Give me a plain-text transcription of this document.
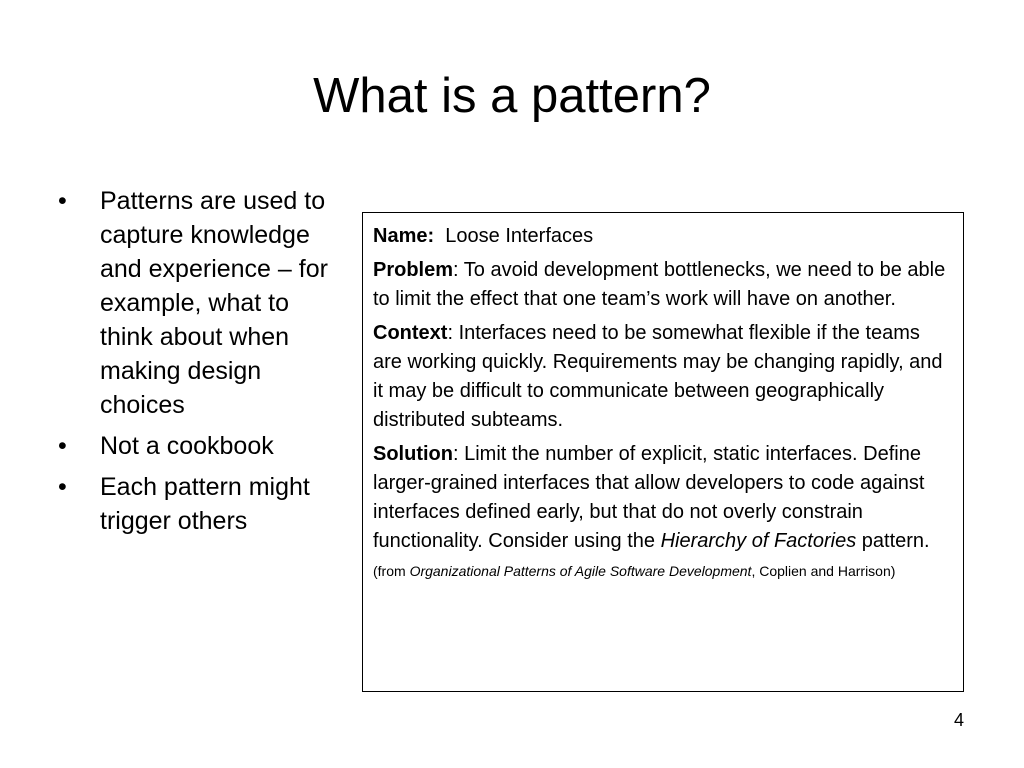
What is a pattern?
• Patterns are used to capture knowledge and experience – for example, what to think about when making design choices
• Not a cookbook
• Each pattern might trigger others

Name: Loose Interfaces

Problem: To avoid development bottlenecks, we need to be able to limit the effect that one team’s work will have on another.

Context: Interfaces need to be somewhat flexible if the teams are working quickly. Requirements may be changing rapidly, and it may be difficult to communicate between geographically distributed subteams.

Solution: Limit the number of explicit, static interfaces. Define larger-grained interfaces that allow developers to code against interfaces defined early, but that do not overly constrain functionality. Consider using the Hierarchy of Factories pattern.

(from Organizational Patterns of Agile Software Development, Coplien and Harrison)

4
